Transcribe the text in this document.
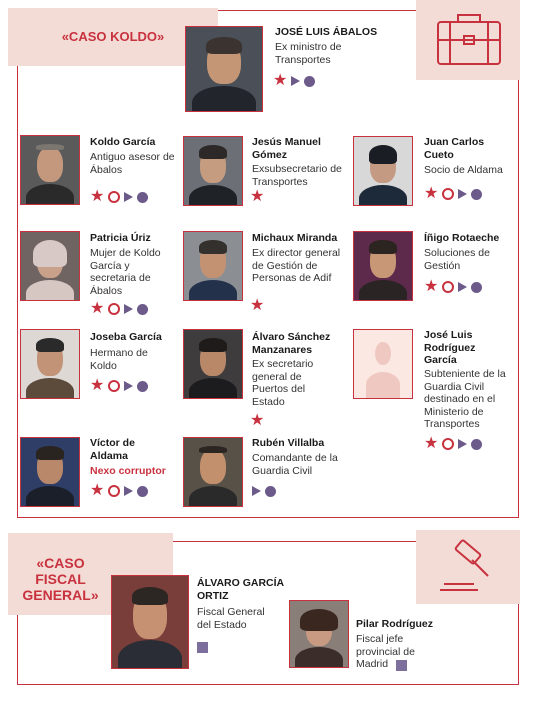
«CASO KOLDO»	JOSÉ LUIS ÁBALOS
Ex ministro de Transportes
★
Koldo García
Antiguo asesor de Ábalos
★
Jesús Manuel Gómez
Exsubsecretario de Transportes
★
Juan Carlos Cueto
Socio de Aldama
★
Patricia Úriz
Mujer de Koldo García y secretaria de Ábalos
★
Michaux Miranda
Ex director general de Gestión de Personas de Adif
★
Íñigo Rotaeche
Soluciones de Gestión
★
Joseba García
Hermano de Koldo
★
Álvaro Sánchez Manzanares
Ex secretario general de Puertos del Estado
★
José Luis Rodríguez García
Subteniente de la Guardia Civil destinado en el Ministerio de Transportes
★
Víctor de Aldama
Nexo corruptor
★
Rubén Villalba
Comandante de la Guardia Civil
«CASO
FISCAL
GENERAL»
ÁLVARO GARCÍA ORTIZ
Fiscal General del Estado	Pilar Rodríguez
Fiscal jefe provincial de Madrid
